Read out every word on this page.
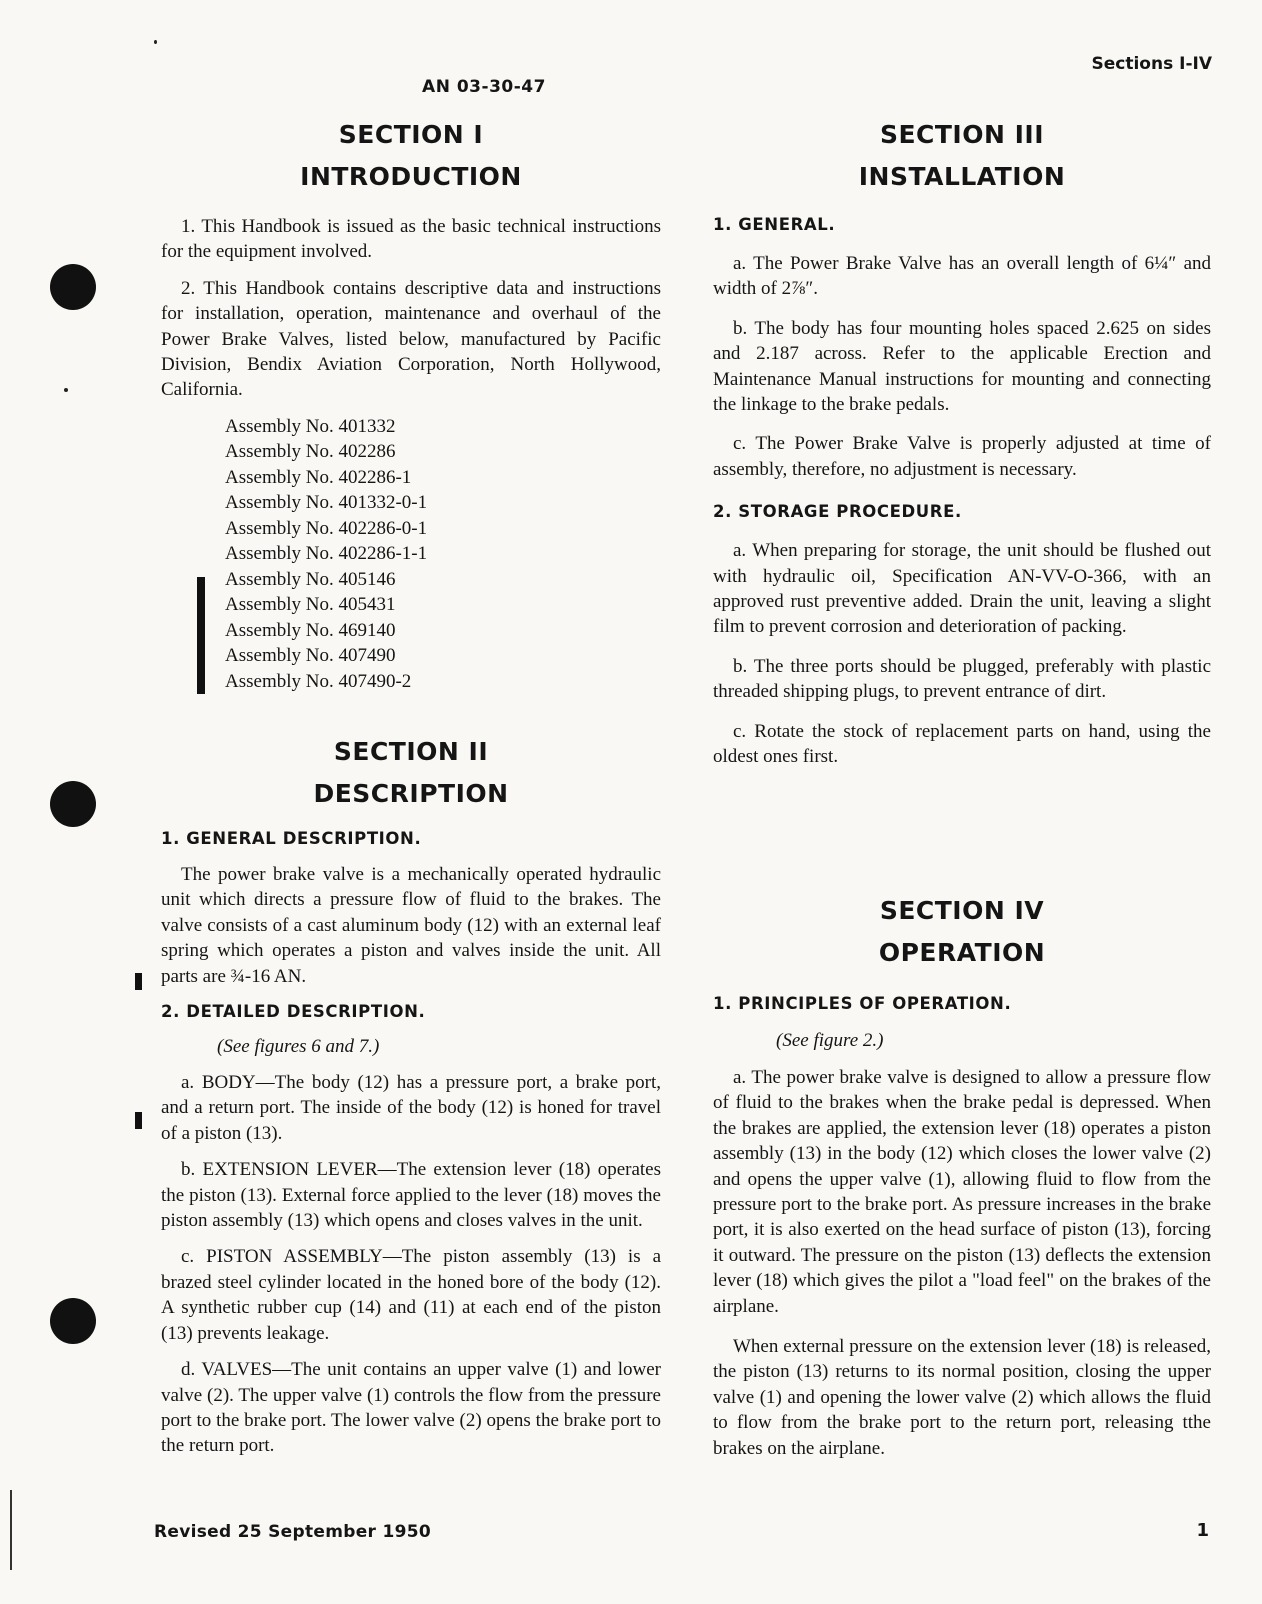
Sections I-IV
AN 03-30-47
SECTION I
INTRODUCTION

1. This Handbook is issued as the basic technical instructions for the equipment involved.

2. This Handbook contains descriptive data and instructions for installation, operation, maintenance and overhaul of the Power Brake Valves, listed below, manufactured by Pacific Division, Bendix Aviation Corporation, North Hollywood, California.

Assembly No. 401332
Assembly No. 402286
Assembly No. 402286-1
Assembly No. 401332-0-1
Assembly No. 402286-0-1
Assembly No. 402286-1-1
Assembly No. 405146
Assembly No. 405431
Assembly No. 469140
Assembly No. 407490
Assembly No. 407490-2
SECTION II
DESCRIPTION
1. GENERAL DESCRIPTION.

The power brake valve is a mechanically operated hydraulic unit which directs a pressure flow of fluid to the brakes. The valve consists of a cast aluminum body (12) with an external leaf spring which operates a piston and valves inside the unit. All parts are ¾-16 AN.

2. DETAILED DESCRIPTION.
(See figures 6 and 7.)

a. BODY—The body (12) has a pressure port, a brake port, and a return port. The inside of the body (12) is honed for travel of a piston (13).

b. EXTENSION LEVER—The extension lever (18) operates the piston (13). External force applied to the lever (18) moves the piston assembly (13) which opens and closes valves in the unit.

c. PISTON ASSEMBLY—The piston assembly (13) is a brazed steel cylinder located in the honed bore of the body (12). A synthetic rubber cup (14) and (11) at each end of the piston (13) prevents leakage.

d. VALVES—The unit contains an upper valve (1) and lower valve (2). The upper valve (1) controls the flow from the pressure port to the brake port. The lower valve (2) opens the brake port to the return port.

SECTION III
INSTALLATION
1. GENERAL.

a. The Power Brake Valve has an overall length of 6¼″ and width of 2⅞″.

b. The body has four mounting holes spaced 2.625 on sides and 2.187 across. Refer to the applicable Erection and Maintenance Manual instructions for mounting and connecting the linkage to the brake pedals.

c. The Power Brake Valve is properly adjusted at time of assembly, therefore, no adjustment is necessary.

2. STORAGE PROCEDURE.

a. When preparing for storage, the unit should be flushed out with hydraulic oil, Specification AN-VV-O-366, with an approved rust preventive added. Drain the unit, leaving a slight film to prevent corrosion and deterioration of packing.

b. The three ports should be plugged, preferably with plastic threaded shipping plugs, to prevent entrance of dirt.

c. Rotate the stock of replacement parts on hand, using the oldest ones first.

SECTION IV
OPERATION
1. PRINCIPLES OF OPERATION.
(See figure 2.)

a. The power brake valve is designed to allow a pressure flow of fluid to the brakes when the brake pedal is depressed. When the brakes are applied, the extension lever (18) operates a piston assembly (13) in the body (12) which closes the lower valve (2) and opens the upper valve (1), allowing fluid to flow from the pressure port to the brake port. As pressure increases in the brake port, it is also exerted on the head surface of piston (13), forcing it outward. The pressure on the piston (13) deflects the extension lever (18) which gives the pilot a "load feel" on the brakes of the airplane.

When external pressure on the extension lever (18) is released, the piston (13) returns to its normal position, closing the upper valve (1) and opening the lower valve (2) which allows the fluid to flow from the brake port to the return port, releasing tthe brakes on the airplane.

Revised 25 September 1950	1
